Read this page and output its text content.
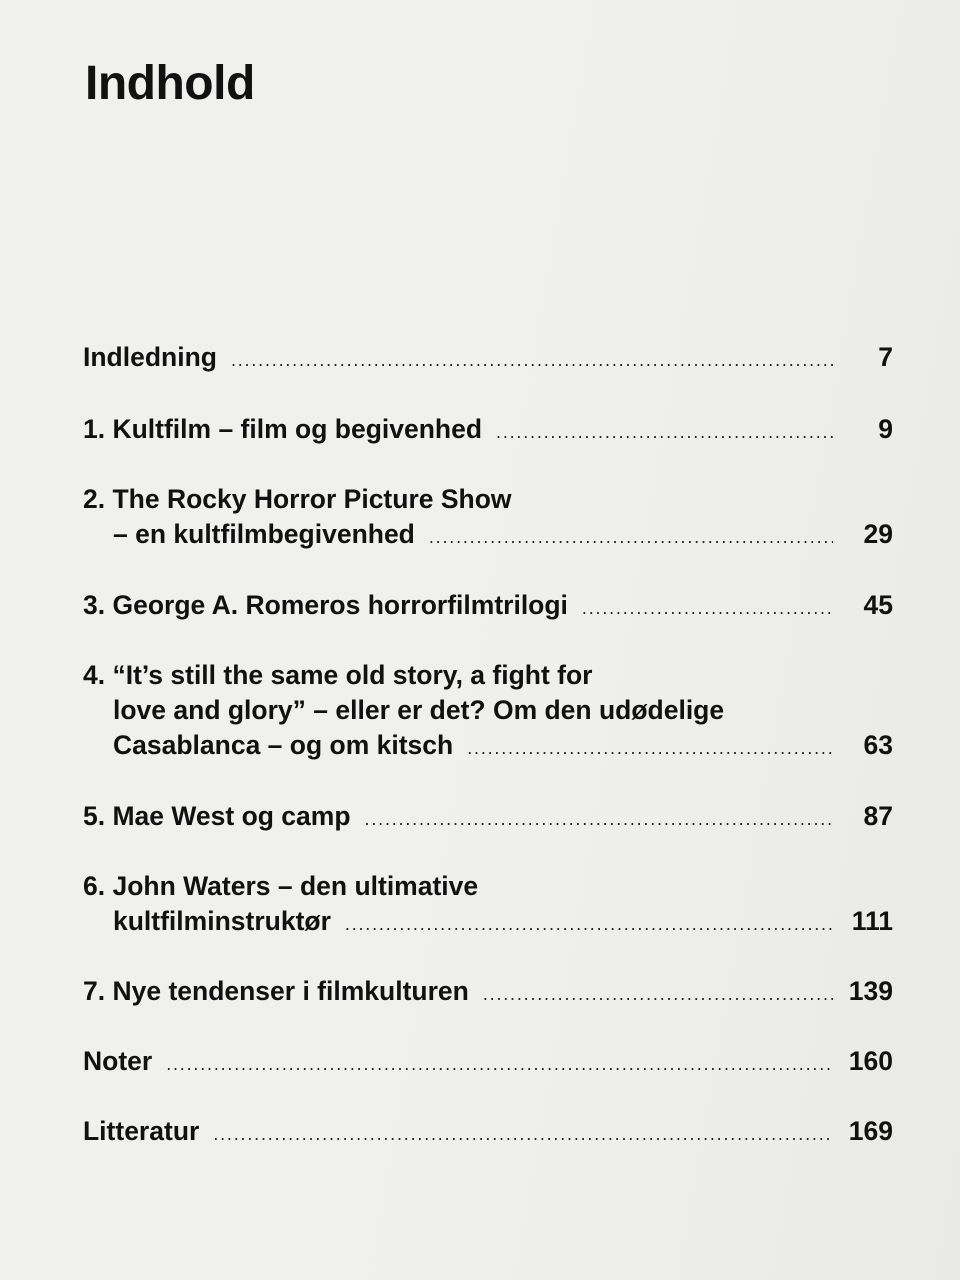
Indhold
Indledning . . .	7
1. Kultfilm – film og begivenhed . . .	9
2. The Rocky Horror Picture Show
– en kultfilmbegivenhed . . .	29
3. George A. Romeros horrorfilmtrilogi . . .	45
4. “It’s still the same old story, a fight for
love and glory” – eller er det? Om den udødelige
Casablanca – og om kitsch . . .	63
5. Mae West og camp . . .	87
6. John Waters – den ultimative
kultfilminstruktør . . .	111
7. Nye tendenser i filmkulturen . . .	139
Noter . . .	160
Litteratur . . .	169
